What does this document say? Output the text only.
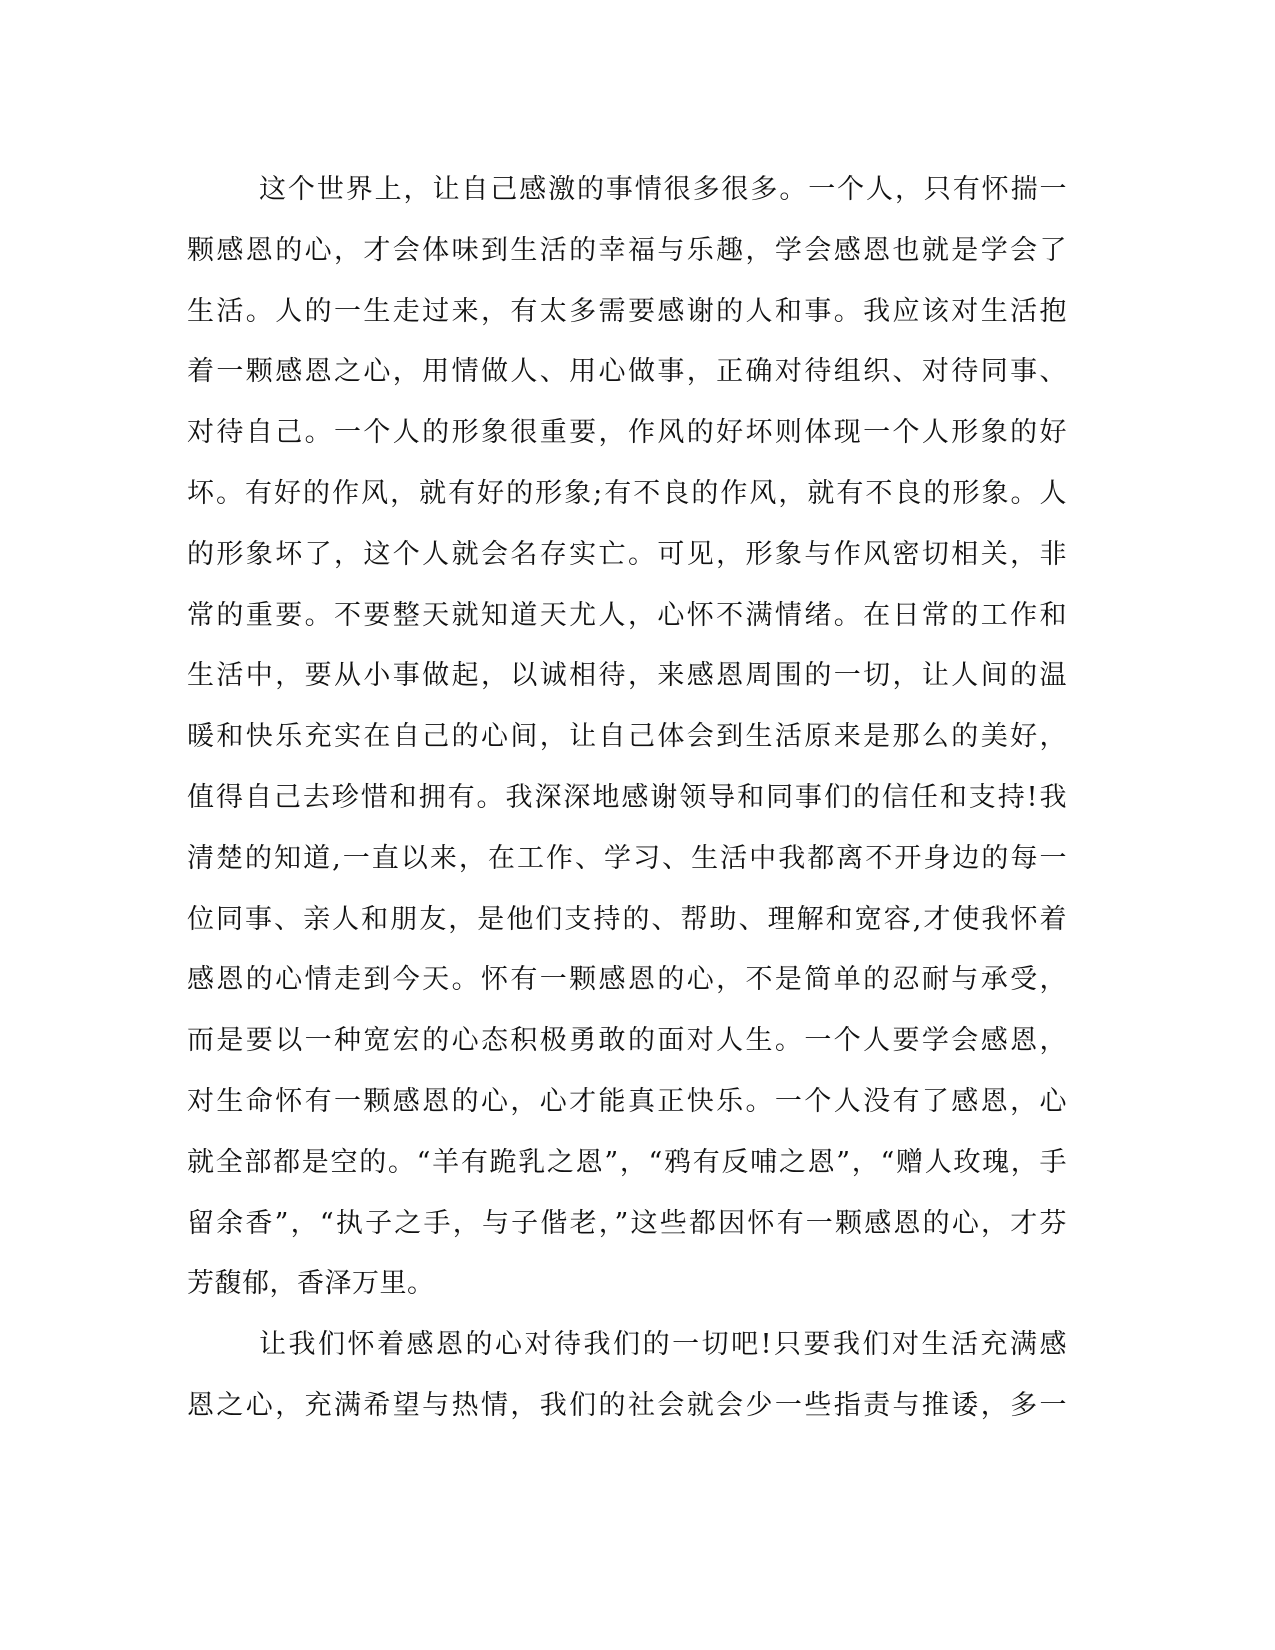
这个世界上，让自己感激的事情很多很多。一个人，只有怀揣一
颗感恩的心，才会体味到生活的幸福与乐趣，学会感恩也就是学会了
生活。人的一生走过来，有太多需要感谢的人和事。我应该对生活抱
着一颗感恩之心，用情做人、用心做事，正确对待组织、对待同事、
对待自己。一个人的形象很重要，作风的好坏则体现一个人形象的好
坏。有好的作风，就有好的形象;有不良的作风，就有不良的形象。人
的形象坏了，这个人就会名存实亡。可见，形象与作风密切相关，非
常的重要。不要整天就知道天尤人，心怀不满情绪。在日常的工作和
生活中，要从小事做起，以诚相待，来感恩周围的一切，让人间的温
暖和快乐充实在自己的心间，让自己体会到生活原来是那么的美好，
值得自己去珍惜和拥有。我深深地感谢领导和同事们的信任和支持!我
清楚的知道,一直以来，在工作、学习、生活中我都离不开身边的每一
位同事、亲人和朋友，是他们支持的、帮助、理解和宽容,才使我怀着
感恩的心情走到今天。怀有一颗感恩的心，不是简单的忍耐与承受，
而是要以一种宽宏的心态积极勇敢的面对人生。一个人要学会感恩，
对生命怀有一颗感恩的心，心才能真正快乐。一个人没有了感恩，心
就全部都是空的。“羊有跪乳之恩”，“鸦有反哺之恩”，“赠人玫瑰，手
留余香”，“执子之手，与子偕老，”这些都因怀有一颗感恩的心，才芬
芳馥郁，香泽万里。
让我们怀着感恩的心对待我们的一切吧!只要我们对生活充满感
恩之心，充满希望与热情，我们的社会就会少一些指责与推诿，多一
